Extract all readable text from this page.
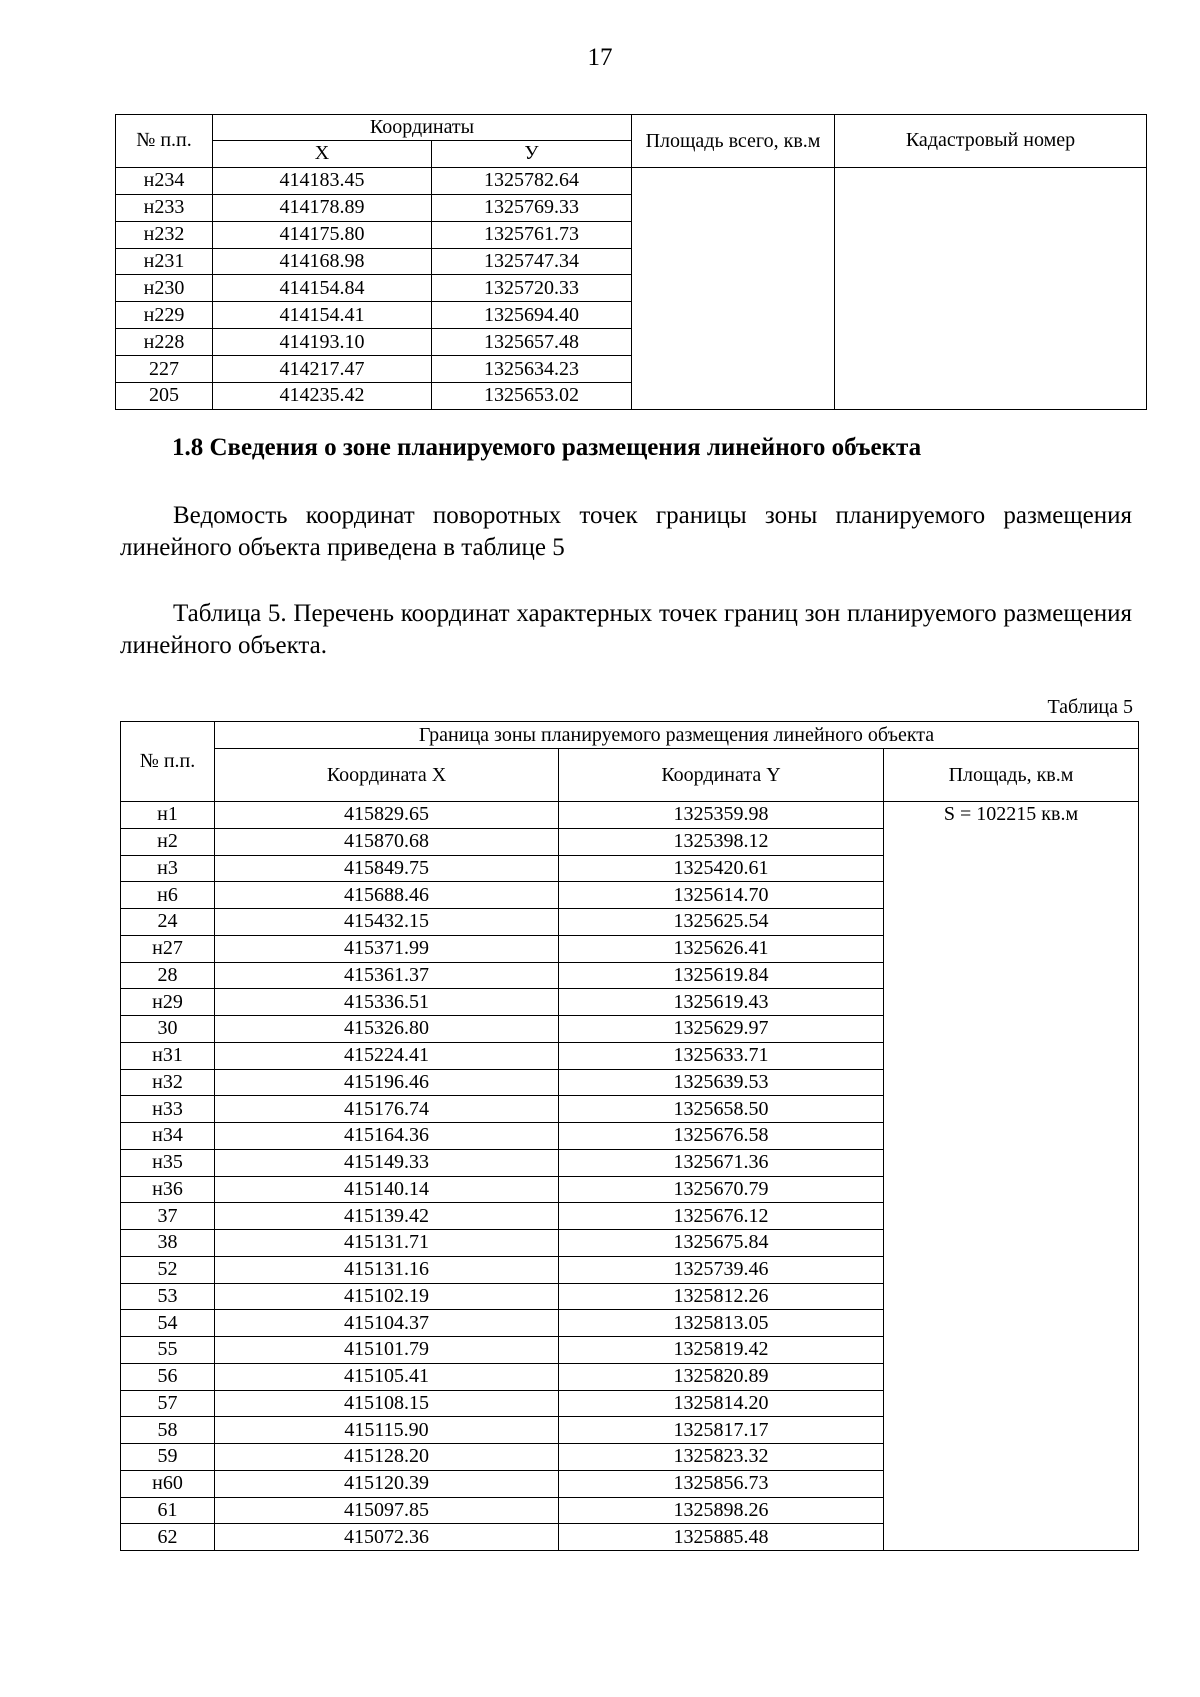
17
№ п.п.	Координаты		Площадь всего, кв.м	Кадастровый номер
	X	У		
н234	414183.45	1325782.64		
н233	414178.89	1325769.33		
н232	414175.80	1325761.73		
н231	414168.98	1325747.34		
н230	414154.84	1325720.33		
н229	414154.41	1325694.40		
н228	414193.10	1325657.48		
227	414217.47	1325634.23		
205	414235.42	1325653.02		
1.8 Сведения о зоне планируемого размещения линейного объекта
Ведомость координат поворотных точек границы зоны планируемого размещения линейного объекта приведена в таблице 5
Таблица 5. Перечень координат характерных точек границ зон планируемого размещения линейного объекта.
Таблица 5
№ п.п.	Граница зоны планируемого размещения линейного объекта		
	Координата X	Координата Y	Площадь, кв.м
н1	415829.65	1325359.98	S = 102215 кв.м
н2	415870.68	1325398.12	
н3	415849.75	1325420.61	
н6	415688.46	1325614.70	
24	415432.15	1325625.54	
н27	415371.99	1325626.41	
28	415361.37	1325619.84	
н29	415336.51	1325619.43	
30	415326.80	1325629.97	
н31	415224.41	1325633.71	
н32	415196.46	1325639.53	
н33	415176.74	1325658.50	
н34	415164.36	1325676.58	
н35	415149.33	1325671.36	
н36	415140.14	1325670.79	
37	415139.42	1325676.12	
38	415131.71	1325675.84	
52	415131.16	1325739.46	
53	415102.19	1325812.26	
54	415104.37	1325813.05	
55	415101.79	1325819.42	
56	415105.41	1325820.89	
57	415108.15	1325814.20	
58	415115.90	1325817.17	
59	415128.20	1325823.32	
н60	415120.39	1325856.73	
61	415097.85	1325898.26	
62	415072.36	1325885.48	
